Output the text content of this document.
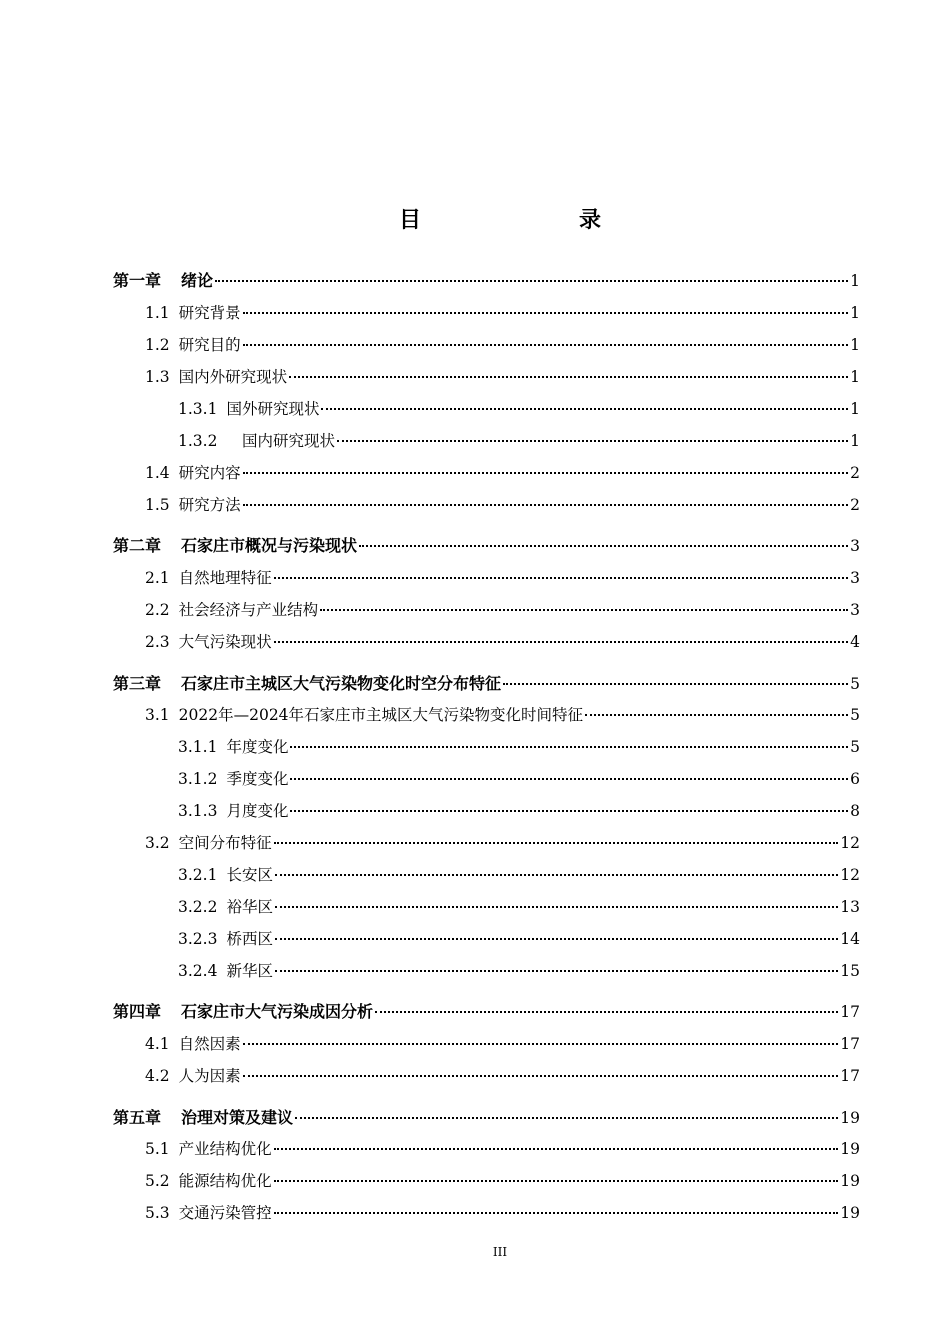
目　　录
第一章 绪论	1
1.1 研究背景	1
1.2 研究目的	1
1.3 国内外研究现状	1
1.3.1 国外研究现状	1
1.3.2 　国内研究现状	1
1.4 研究内容	2
1.5 研究方法	2
第二章 石家庄市概况与污染现状	3
2.1 自然地理特征	3
2.2 社会经济与产业结构	3
2.3 大气污染现状	4
第三章 石家庄市主城区大气污染物变化时空分布特征	5
3.1 2022年—2024年石家庄市主城区大气污染物变化时间特征	5
3.1.1 年度变化	5
3.1.2 季度变化	6
3.1.3 月度变化	8
3.2 空间分布特征	12
3.2.1 长安区	12
3.2.2 裕华区	13
3.2.3 桥西区	14
3.2.4 新华区	15
第四章 石家庄市大气污染成因分析	17
4.1 自然因素	17
4.2 人为因素	17
第五章 治理对策及建议	19
5.1 产业结构优化	19
5.2 能源结构优化	19
5.3 交通污染管控	19
III
